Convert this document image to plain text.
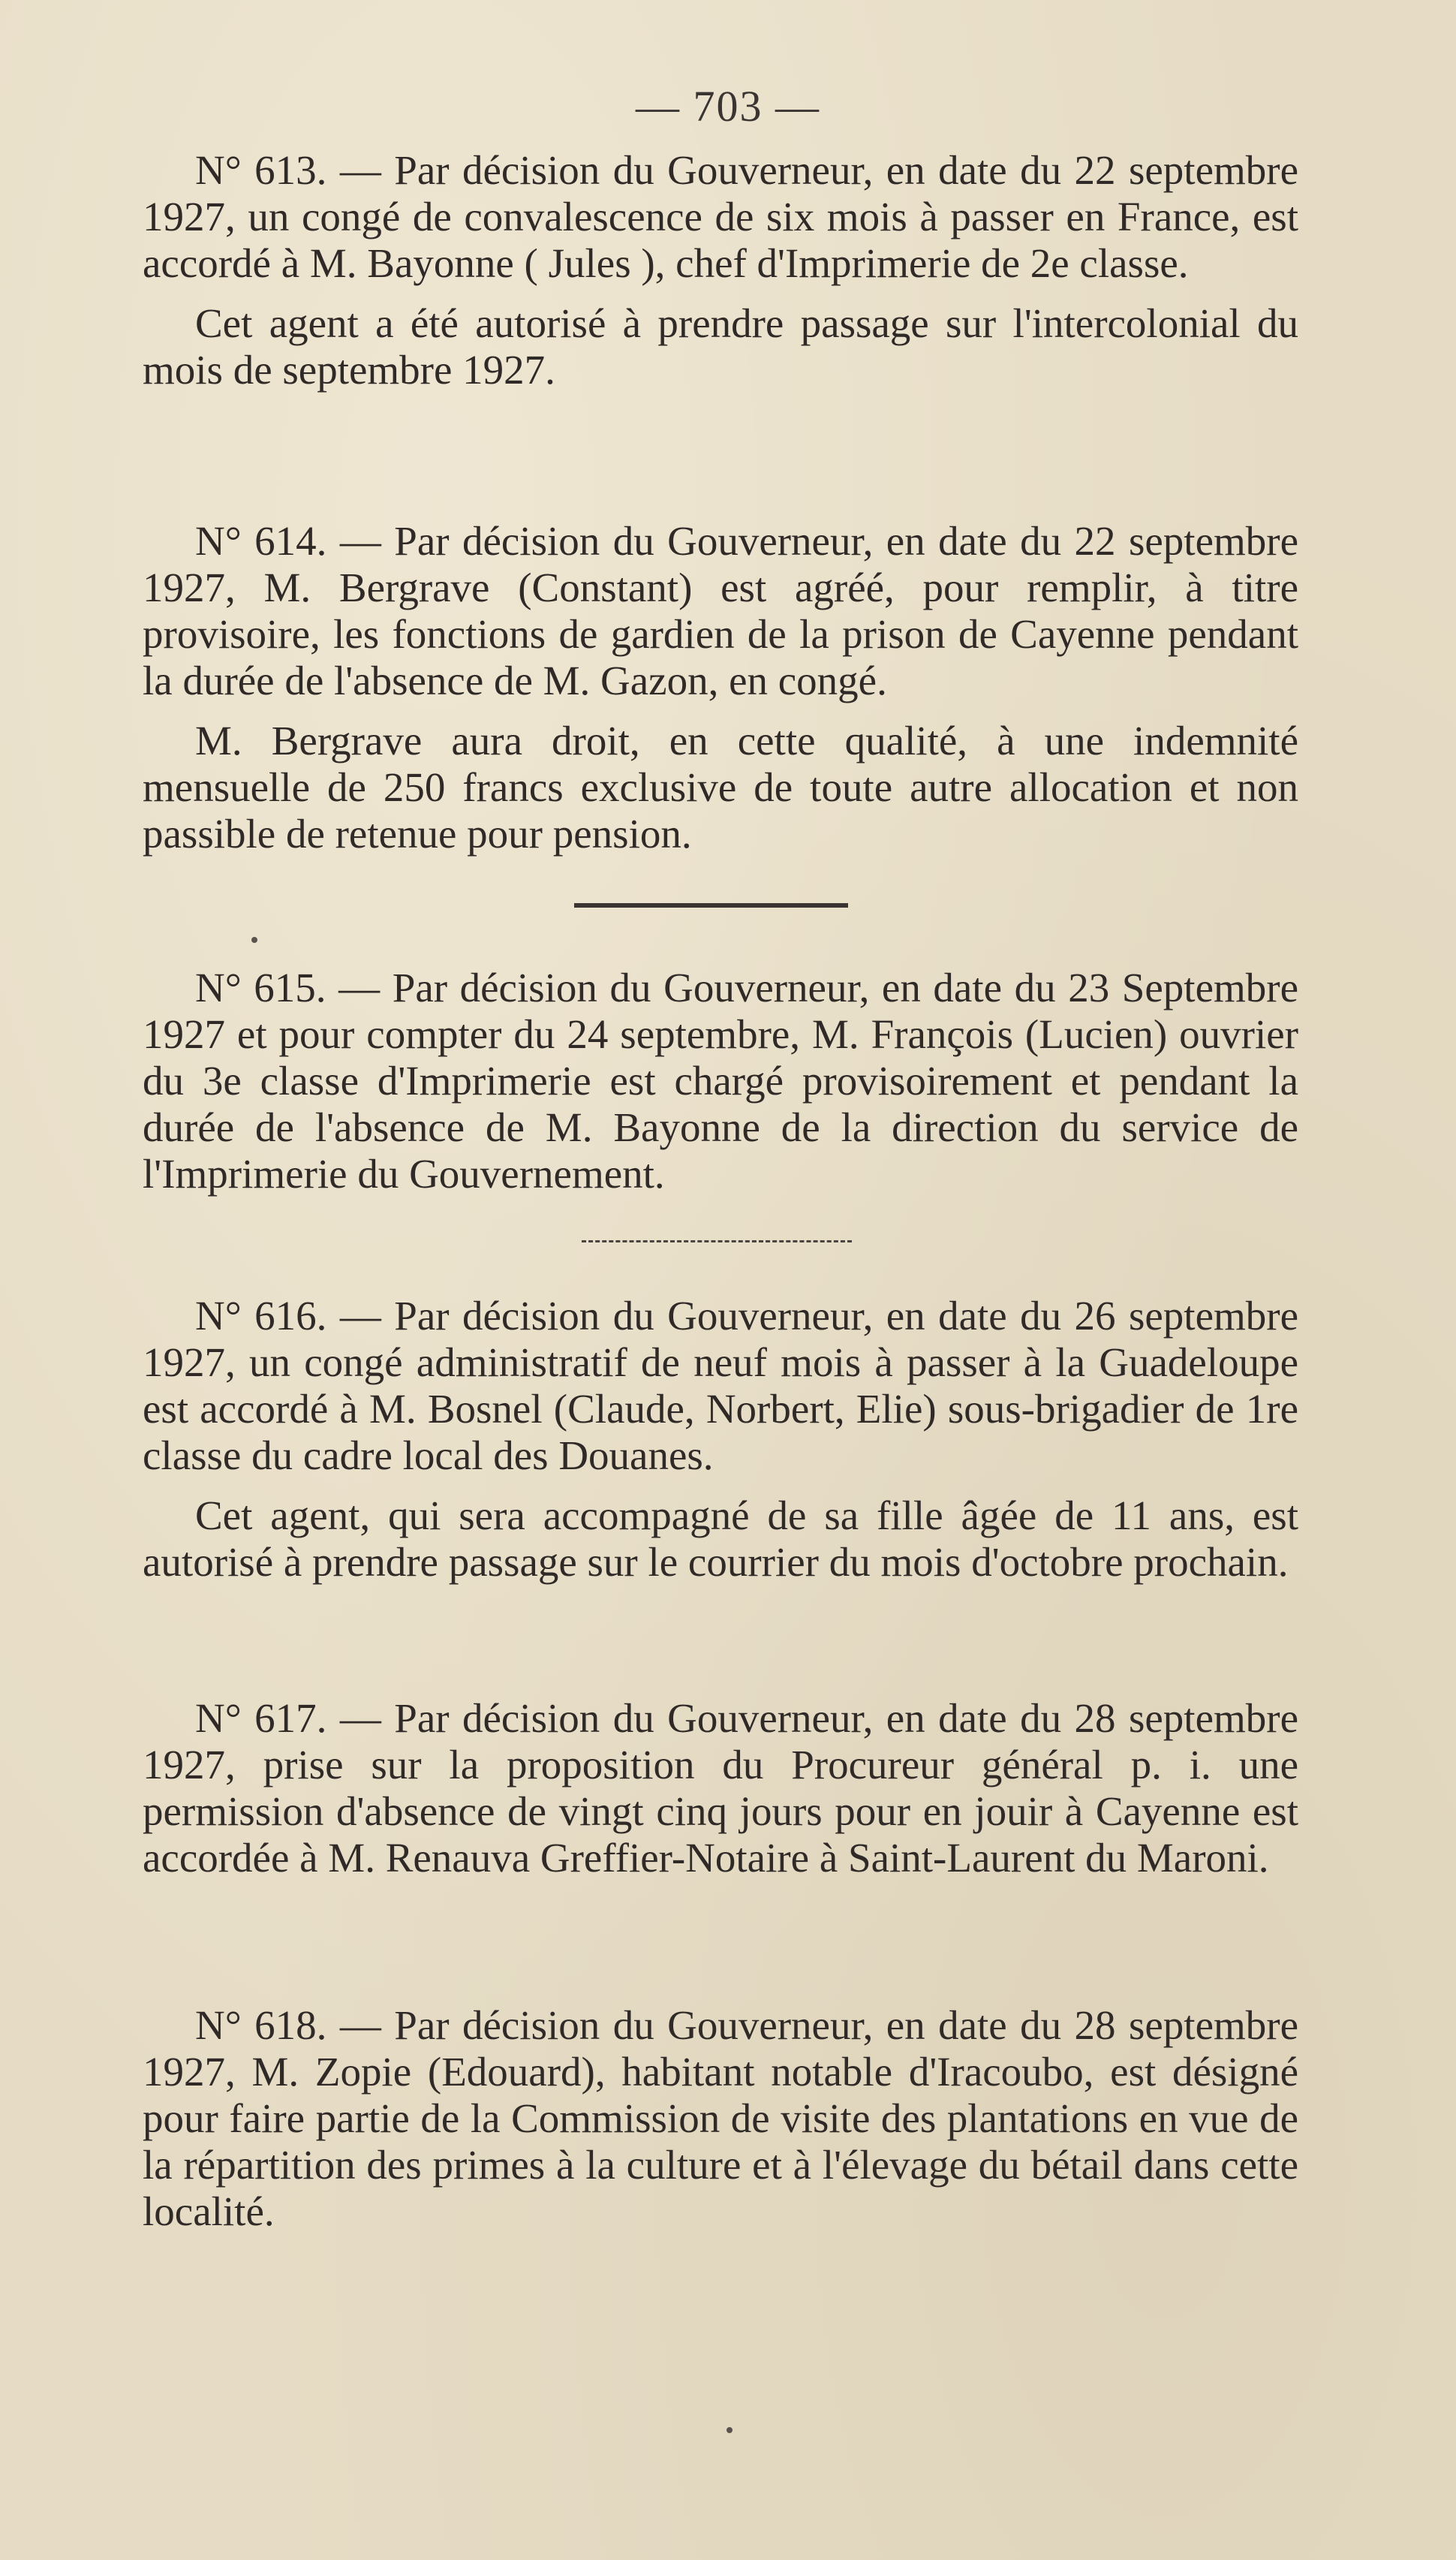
— 703 —

N° 613. — Par décision du Gouverneur, en date du 22 septembre 1927, un congé de convalescence de six mois à passer en France, est accordé à M. Bayonne ( Jules ), chef d'Imprimerie de 2e classe.

Cet agent a été autorisé à prendre passage sur l'intercolonial du mois de septembre 1927.

N° 614. — Par décision du Gouverneur, en date du 22 septembre 1927, M. Bergrave (Constant) est agréé, pour remplir, à titre provisoire, les fonctions de gardien de la prison de Cayenne pendant la durée de l'absence de M. Gazon, en congé.

M. Bergrave aura droit, en cette qualité, à une indemnité mensuelle de 250 francs exclusive de toute autre allocation et non passible de retenue pour pension.

N° 615. — Par décision du Gouverneur, en date du 23 Septembre 1927 et pour compter du 24 septembre, M. François (Lucien) ouvrier du 3e classe d'Imprimerie est chargé provisoirement et pendant la durée de l'absence de M. Bayonne de la direction du service de l'Imprimerie du Gouvernement.

N° 616. — Par décision du Gouverneur, en date du 26 septembre 1927, un congé administratif de neuf mois à passer à la Guadeloupe est accordé à M. Bosnel (Claude, Norbert, Elie) sous-brigadier de 1re classe du cadre local des Douanes.

Cet agent, qui sera accompagné de sa fille âgée de 11 ans, est autorisé à prendre passage sur le courrier du mois d'octobre prochain.

N° 617. — Par décision du Gouverneur, en date du 28 septembre 1927, prise sur la proposition du Procureur général p. i. une permission d'absence de vingt cinq jours pour en jouir à Cayenne est accordée à M. Renauva Greffier-Notaire à Saint-Laurent du Maroni.

N° 618. — Par décision du Gouverneur, en date du 28 septembre 1927, M. Zopie (Edouard), habitant notable d'Iracoubo, est désigné pour faire partie de la Commission de visite des plantations en vue de la répartition des primes à la culture et à l'élevage du bétail dans cette localité.
